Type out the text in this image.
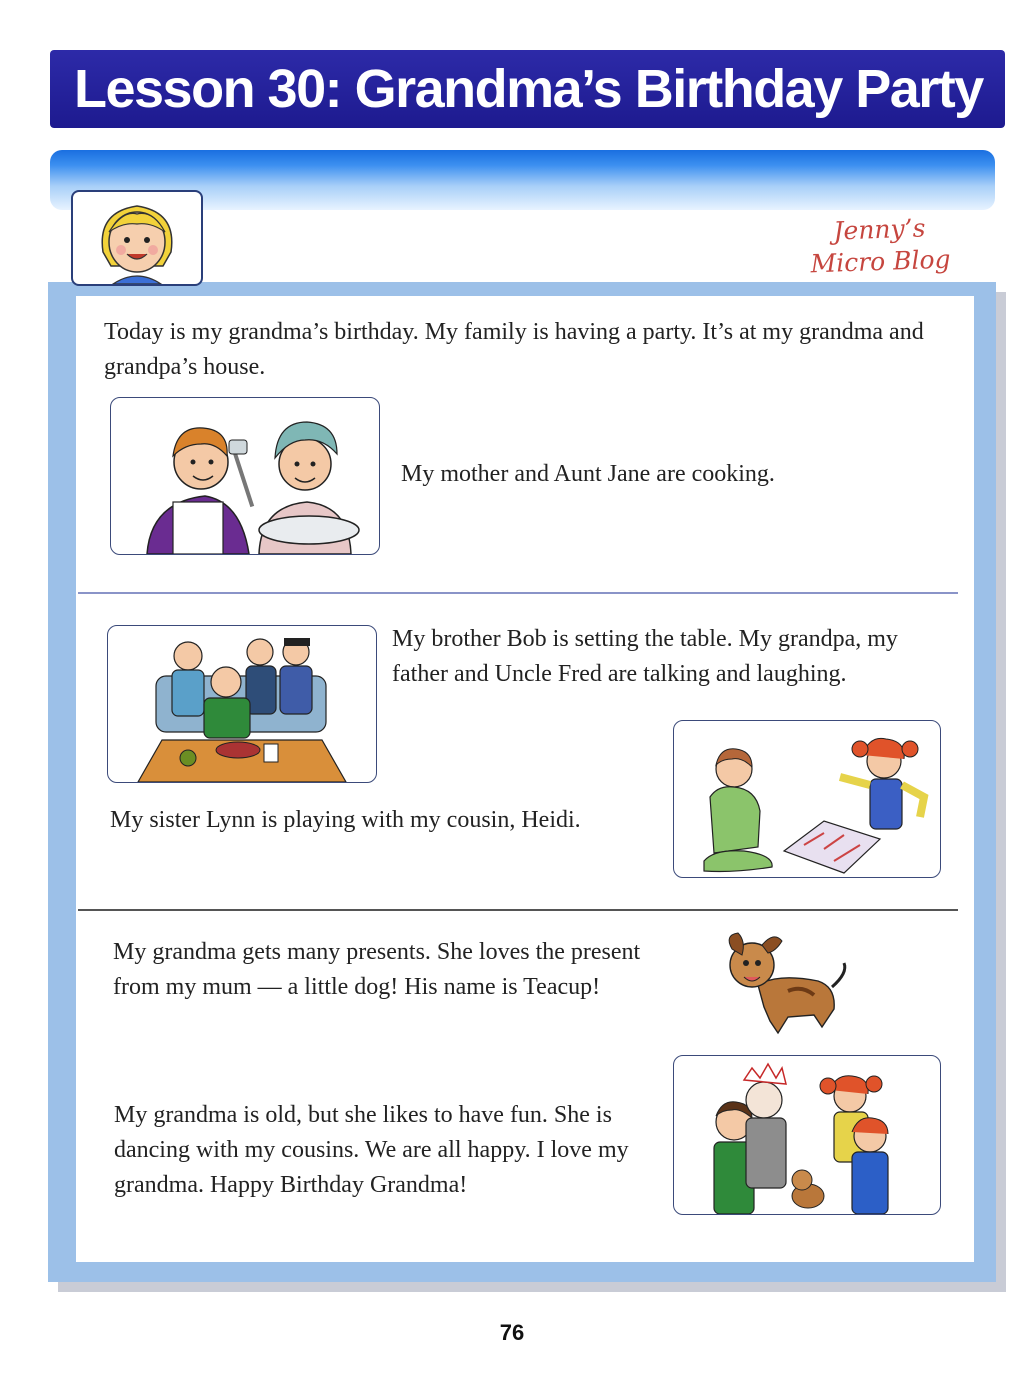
Lesson 30: Grandma’s Birthday Party
Jenny’s
Micro Blog
Today is my grandma’s birthday. My family is having a party. It’s at my grandma and grandpa’s house.
My mother and Aunt Jane are cooking.
My brother Bob is setting the table. My grandpa, my father and Uncle Fred are talking and laughing.
My sister Lynn is playing with my cousin, Heidi.
My grandma gets many presents. She loves the present from my mum — a little dog! His name is Teacup!
My grandma is old, but she likes to have fun. She is dancing with my cousins. We are all happy. I love my grandma. Happy Birthday Grandma!
76
